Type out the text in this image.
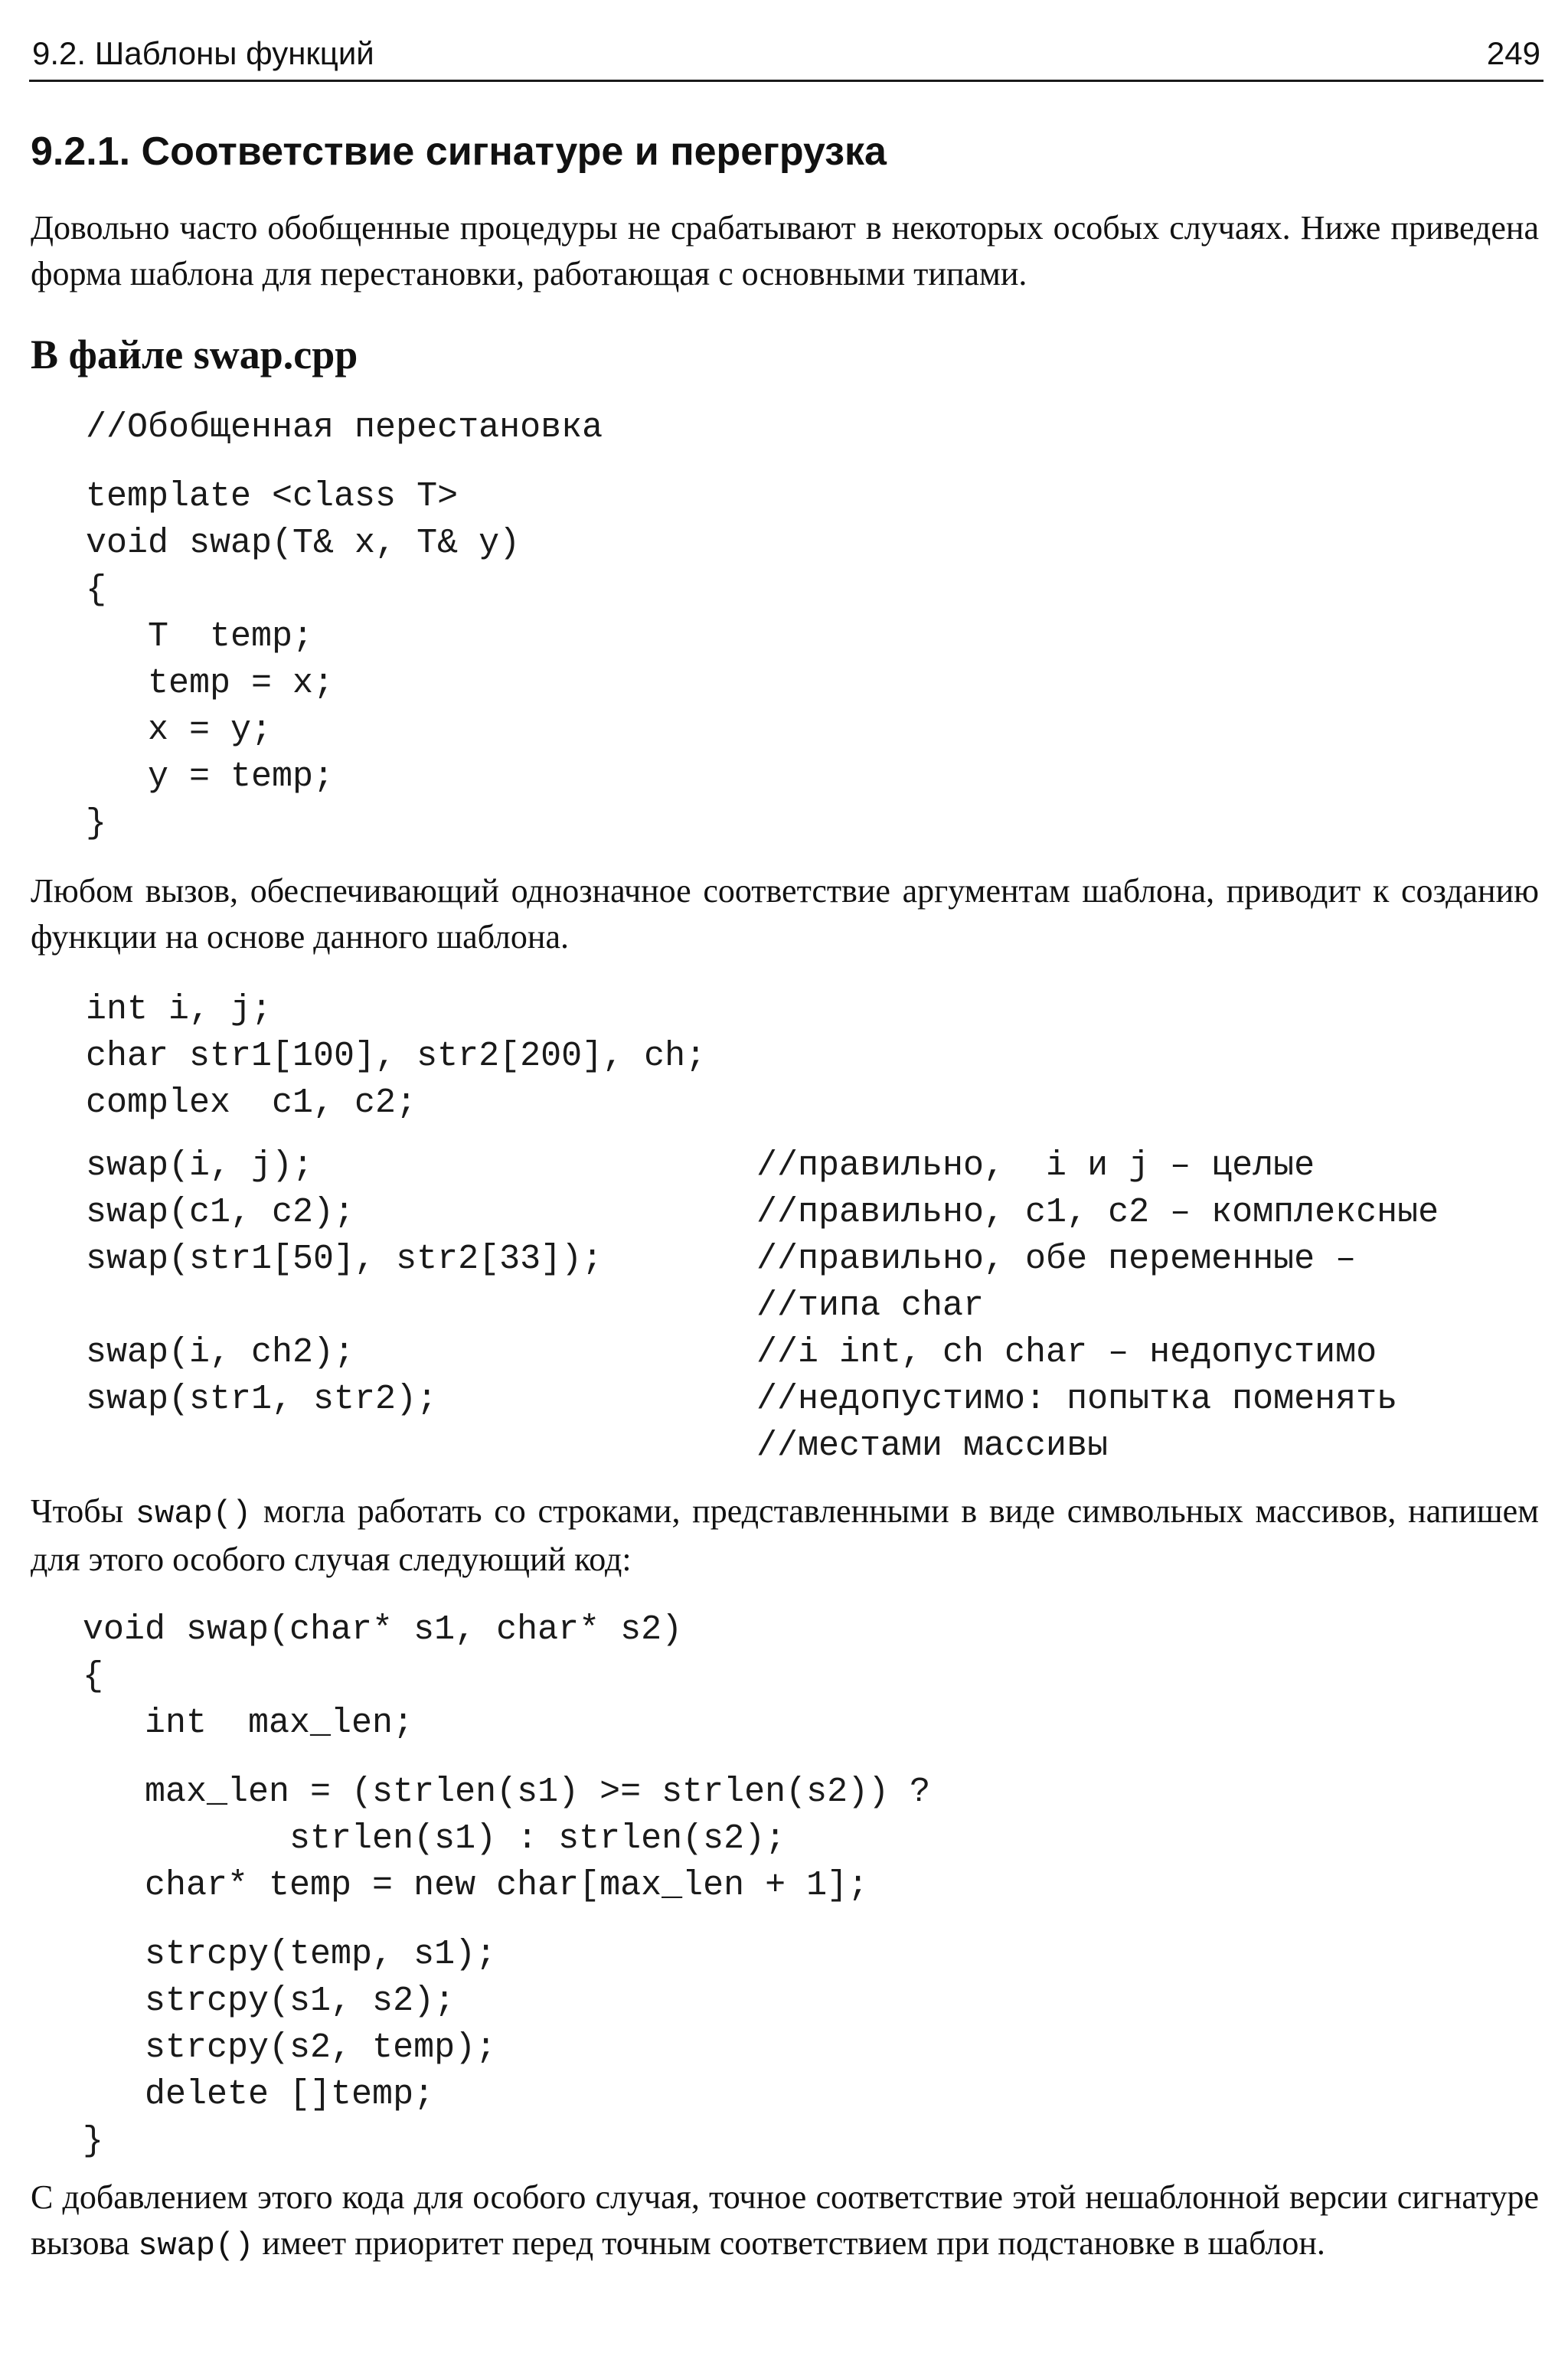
9.2. Шаблоны функций	249
9.2.1. Соответствие сигнатуре и перегрузка
Довольно часто обобщенные процедуры не срабатывают в некоторых особых случаях. Ниже приведена форма шаблона для перестановки, работающая с основными типами.
В файле swap.cpp
//Обобщенная перестановка
template <class T>
void swap(T& x, T& y)
{
T  temp;
temp = x;
x = y;
y = temp;
}
Любом вызов, обеспечивающий однозначное соответствие аргументам шаблона, приводит к созданию функции на основе данного шаблона.
int i, j;
char str1[100], str2[200], ch;
complex  c1, c2;
swap(i, j);	//правильно,  i и j – целые
swap(c1, c2);	//правильно, c1, c2 – комплексные
swap(str1[50], str2[33]);	//правильно, обе переменные –
//типа char
swap(i, ch2);	//i int, ch char – недопустимо
swap(str1, str2);	//недопустимо: попытка поменять
//местами массивы
Чтобы swap() могла работать со строками, представленными в виде символьных массивов, напишем для этого особого случая следующий код:
void swap(char* s1, char* s2)
{
int  max_len;
max_len = (strlen(s1) >= strlen(s2)) ?
strlen(s1) : strlen(s2);
char* temp = new char[max_len + 1];
strcpy(temp, s1);
strcpy(s1, s2);
strcpy(s2, temp);
delete []temp;
}
С добавлением этого кода для особого случая, точное соответствие этой нешаблонной версии сигнатуре вызова swap() имеет приоритет перед точным соответствием при подстановке в шаблон.
